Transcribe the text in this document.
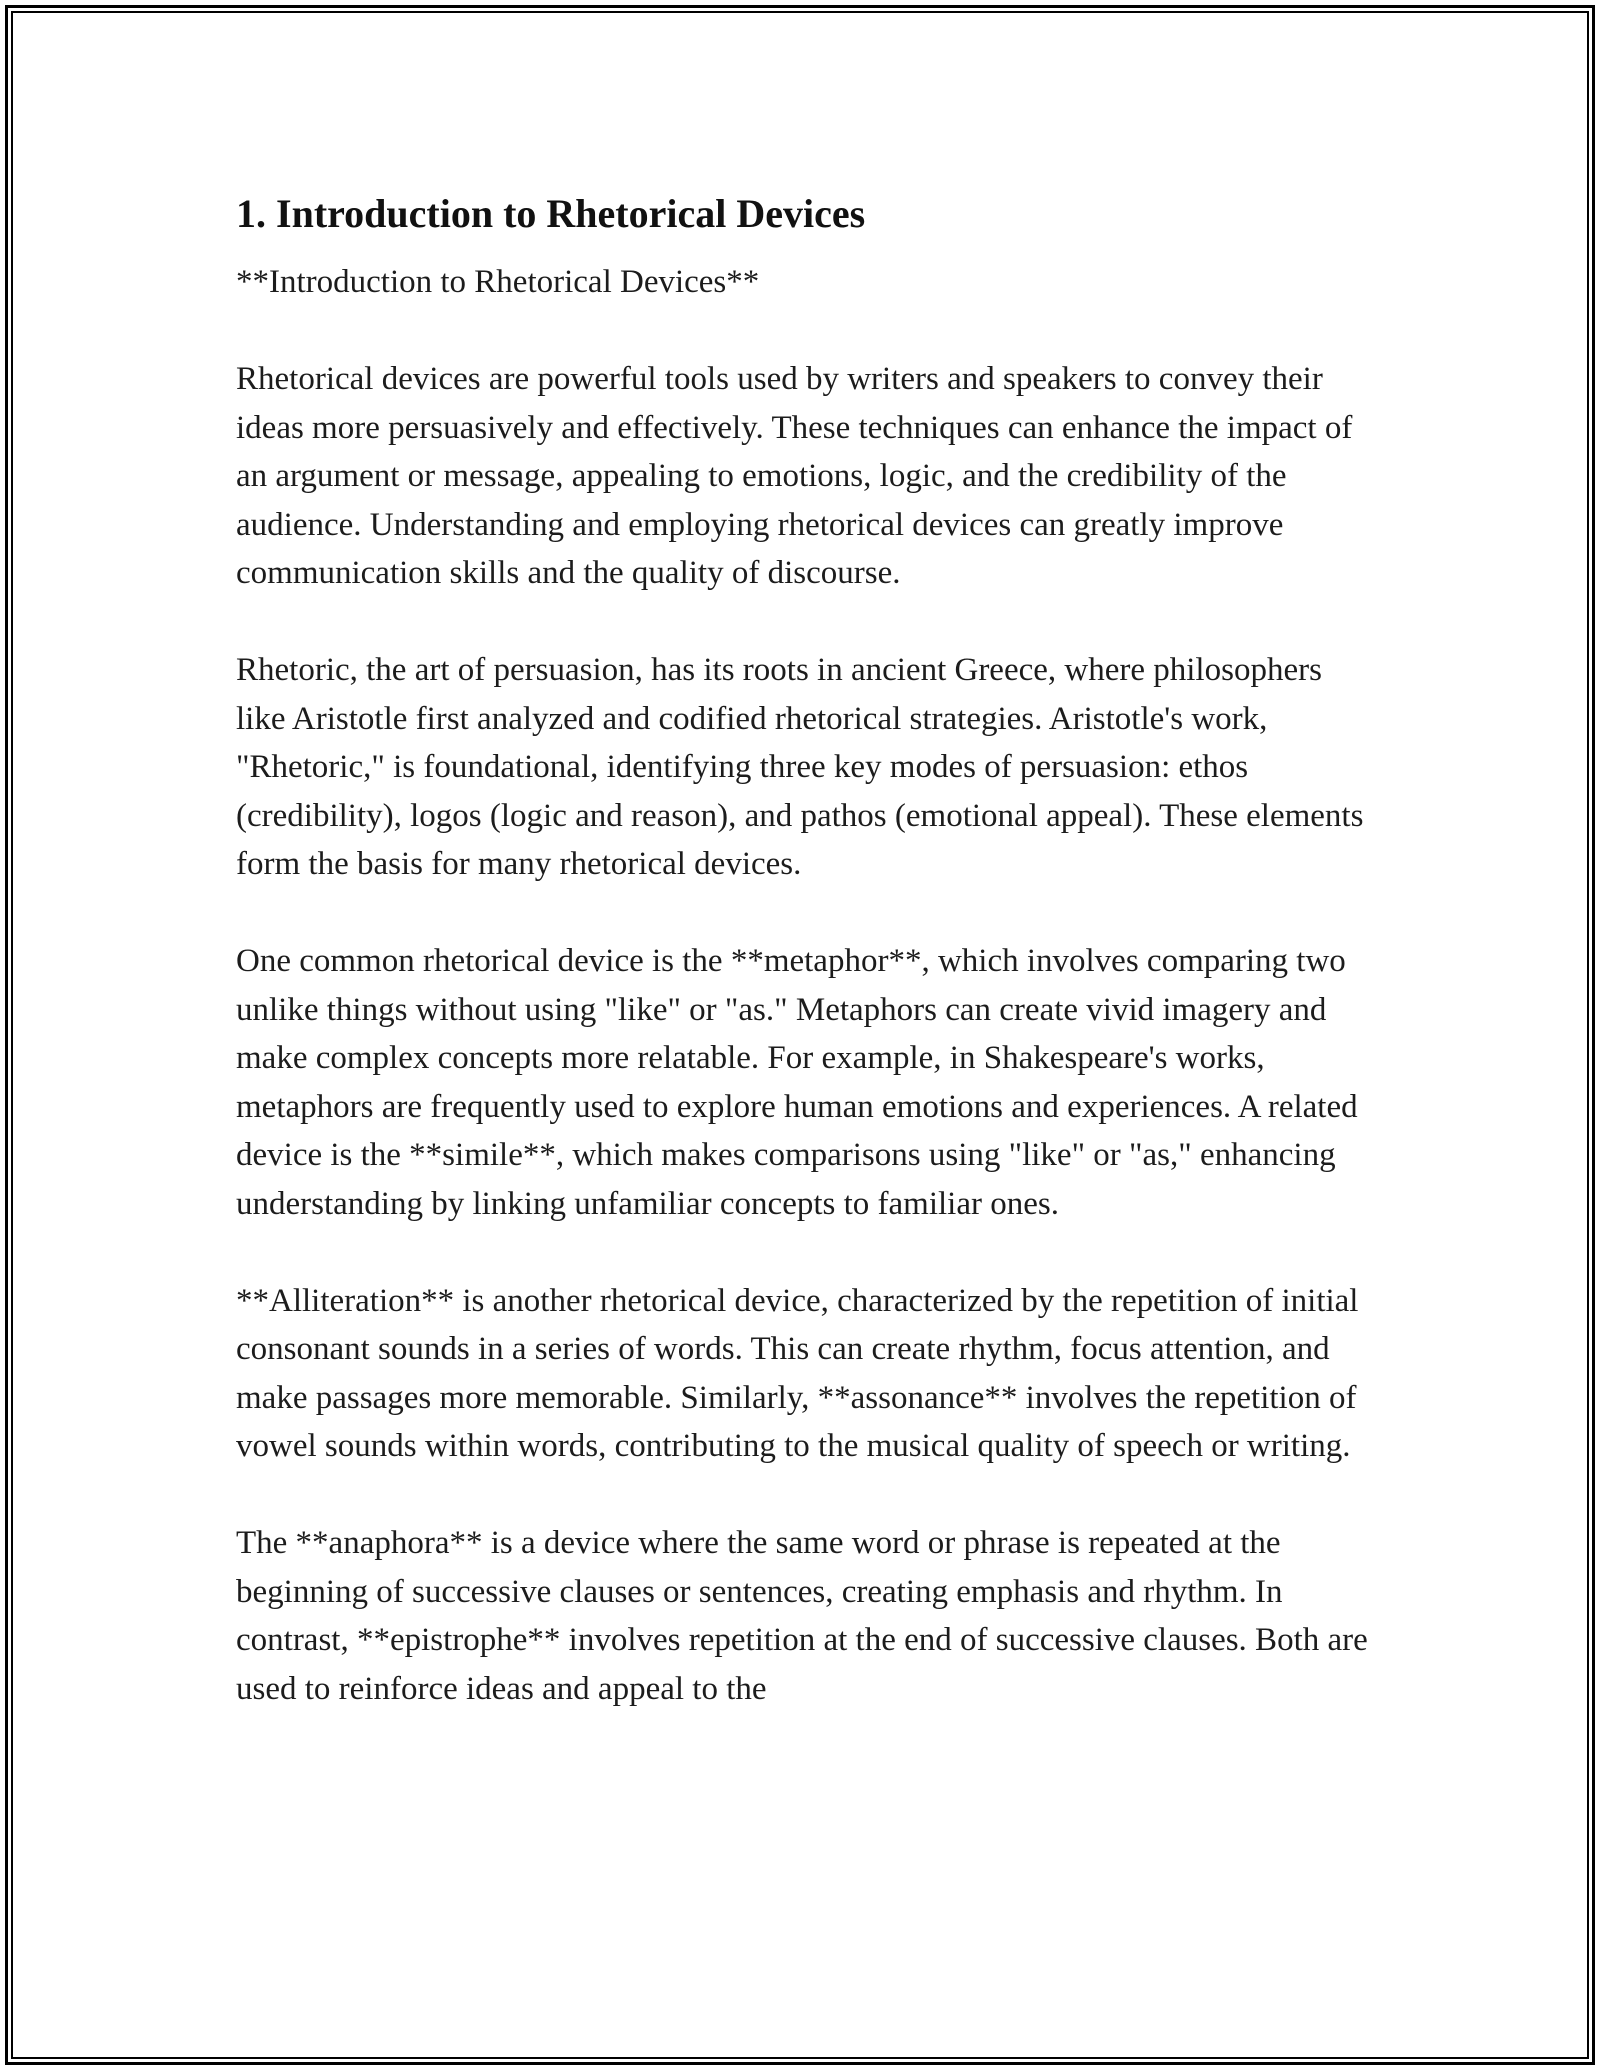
1. Introduction to Rhetorical Devices

**Introduction to Rhetorical Devices**

Rhetorical devices are powerful tools used by writers and speakers to convey their ideas more persuasively and effectively. These techniques can enhance the impact of an argument or message, appealing to emotions, logic, and the credibility of the audience. Understanding and employing rhetorical devices can greatly improve communication skills and the quality of discourse.

Rhetoric, the art of persuasion, has its roots in ancient Greece, where philosophers like Aristotle first analyzed and codified rhetorical strategies. Aristotle's work, "Rhetoric," is foundational, identifying three key modes of persuasion: ethos (credibility), logos (logic and reason), and pathos (emotional appeal). These elements form the basis for many rhetorical devices.

One common rhetorical device is the **metaphor**, which involves comparing two unlike things without using "like" or "as." Metaphors can create vivid imagery and make complex concepts more relatable. For example, in Shakespeare's works, metaphors are frequently used to explore human emotions and experiences. A related device is the **simile**, which makes comparisons using "like" or "as," enhancing understanding by linking unfamiliar concepts to familiar ones.

**Alliteration** is another rhetorical device, characterized by the repetition of initial consonant sounds in a series of words. This can create rhythm, focus attention, and make passages more memorable. Similarly, **assonance** involves the repetition of vowel sounds within words, contributing to the musical quality of speech or writing.

The **anaphora** is a device where the same word or phrase is repeated at the beginning of successive clauses or sentences, creating emphasis and rhythm. In contrast, **epistrophe** involves repetition at the end of successive clauses. Both are used to reinforce ideas and appeal to the
